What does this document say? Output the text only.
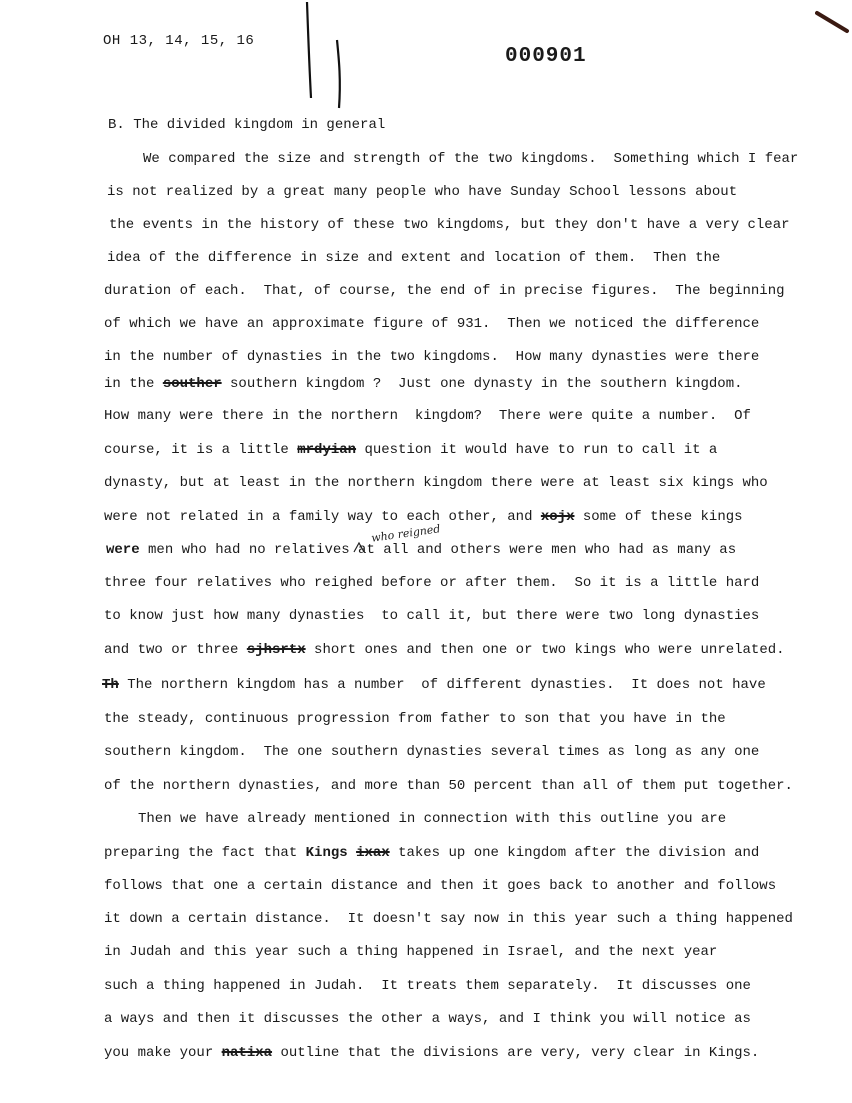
OH 13, 14, 15, 16
000901
B. The divided kingdom in general
We compared the size and strength of the two kingdoms.  Something which I fear
is not realized by a great many people who have Sunday School lessons about
the events in the history of these two kingdoms, but they don't have a very clear
idea of the difference in size and extent and location of them.  Then the
duration of each.  That, of course, the end of in precise figures.  The beginning
of which we have an approximate figure of 931.  Then we noticed the difference
in the number of dynasties in the two kingdoms.  How many dynasties were there
in the souther southern kingdom ?  Just one dynasty in the southern kingdom.
How many were there in the northern  kingdom?  There were quite a number.  Of
course, it is a little mrdyian question it would have to run to call it a
dynasty, but at least in the northern kingdom there were at least six kings who
were not related in a family way to each other, and xojx some of these kings
were men who had no relatives at all and others were men who had as many as
three four relatives who reighed before or after them.  So it is a little hard
to know just how many dynasties  to call it, but there were two long dynasties
and two or three sjhsrtx short ones and then one or two kings who were unrelated.
Th The northern kingdom has a number  of different dynasties.  It does not have
the steady, continuous progression from father to son that you have in the
southern kingdom.  The one southern dynasties several times as long as any one
of the northern dynasties, and more than 50 percent than all of them put together.
Then we have already mentioned in connection with this outline you are
preparing the fact that Kings ixax takes up one kingdom after the division and
follows that one a certain distance and then it goes back to another and follows
it down a certain distance.  It doesn't say now in this year such a thing happened
in Judah and this year such a thing happened in Israel, and the next year
such a thing happened in Judah.  It treats them separately.  It discusses one
a ways and then it discusses the other a ways, and I think you will notice as
you make your natixa outline that the divisions are very, very clear in Kings.
who reigned
